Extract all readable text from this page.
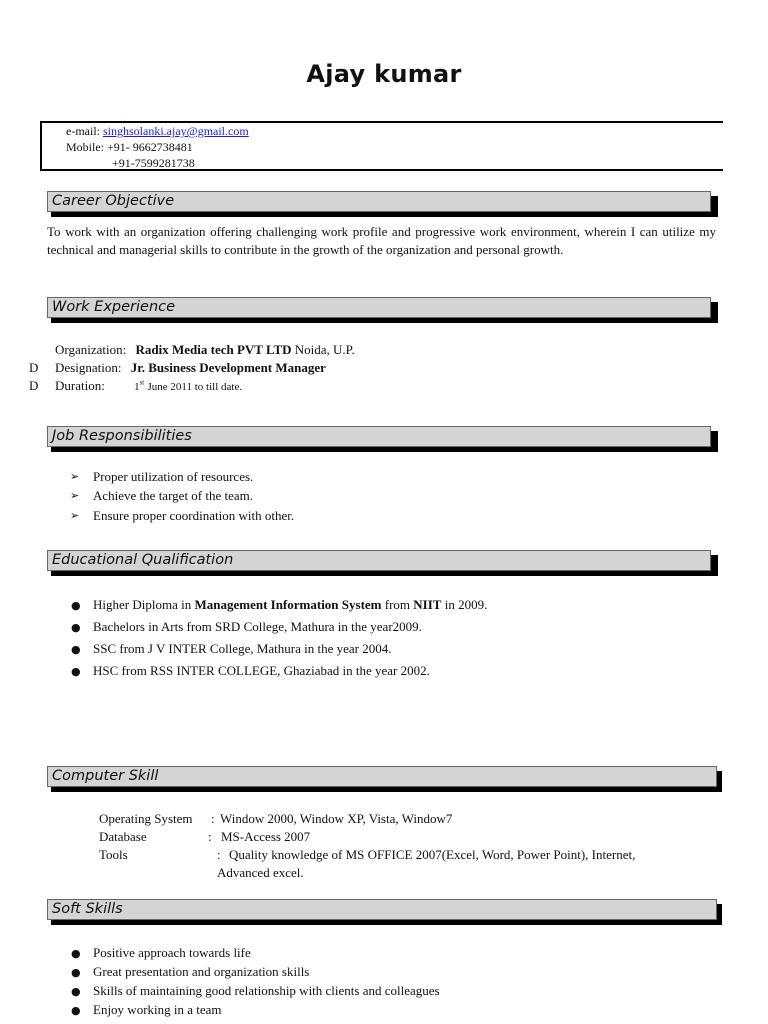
Ajay kumar
e-mail: singhsolanki.ajay@gmail.com
Mobile: +91- 9662738481
+91-7599281738
Career Objective
To work with an organization offering challenging work profile and progressive work environment, wherein I can utilize my technical and managerial skills to contribute in the growth of the organization and personal growth.
Work Experience
Organization: Radix Media tech PVT LTD Noida, U.P.
D Designation: Jr. Business Development Manager
D Duration:	1st June 2011 to till date.
Job Responsibilities
➢ Proper utilization of resources.
➢ Achieve the target of the team.
➢ Ensure proper coordination with other.
Educational Qualification
● Higher Diploma in Management Information System from NIIT in 2009.
● Bachelors in Arts from SRD College, Mathura in the year2009.
● SSC from J V INTER College, Mathura in the year 2004.
● HSC from RSS INTER COLLEGE, Ghaziabad in the year 2002.
Computer Skill
Operating System : Window 2000, Window XP, Vista, Window7
Database	: MS-Access 2007
Tools	: Quality knowledge of MS OFFICE 2007(Excel, Word, Power Point), Internet,
Advanced excel.
Soft Skills
● Positive approach towards life
● Great presentation and organization skills
● Skills of maintaining good relationship with clients and colleagues
● Enjoy working in a team
